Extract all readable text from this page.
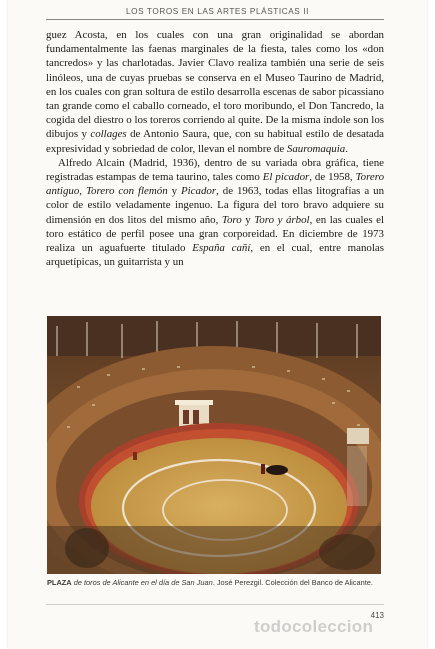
LOS TOROS EN LAS ARTES PLÁSTICAS II

guez Acosta, en los cuales con una gran originalidad se abordan fundamentalmente las faenas marginales de la fiesta, tales como los «don tancredos» y las charlotadas. Javier Clavo realiza también una serie de seis linóleos, una de cuyas pruebas se conserva en el Museo Taurino de Madrid, en los cuales con gran soltura de estilo desarrolla escenas de sabor picassiano tan grande como el caballo corneado, el toro moribundo, el Don Tancredo, la cogida del diestro o los toreros corriendo al quite. De la misma índole son los dibujos y collages de Antonio Saura, que, con su habitual estilo de desatada expresividad y sobriedad de color, llevan el nombre de Sauromaquia.

Alfredo Alcain (Madrid, 1936), dentro de su variada obra gráfica, tiene registradas estampas de tema taurino, tales como El picador, de 1958, Torero antiguo, Torero con flemón y Picador, de 1963, todas ellas litografías a un color de estilo veladamente ingenuo. La figura del toro bravo adquiere su dimensión en dos litos del mismo año, Toro y Toro y árbol, en las cuales el toro estático de perfil posee una gran corporeidad. En diciembre de 1973 realiza un aguafuerte titulado España cañí, en el cual, entre manolas arquetípicas, un guitarrista y un

PLAZA de toros de Alicante en el día de San Juan. José Perezgil. Colección del Banco de Alicante.
413
todocoleccion
